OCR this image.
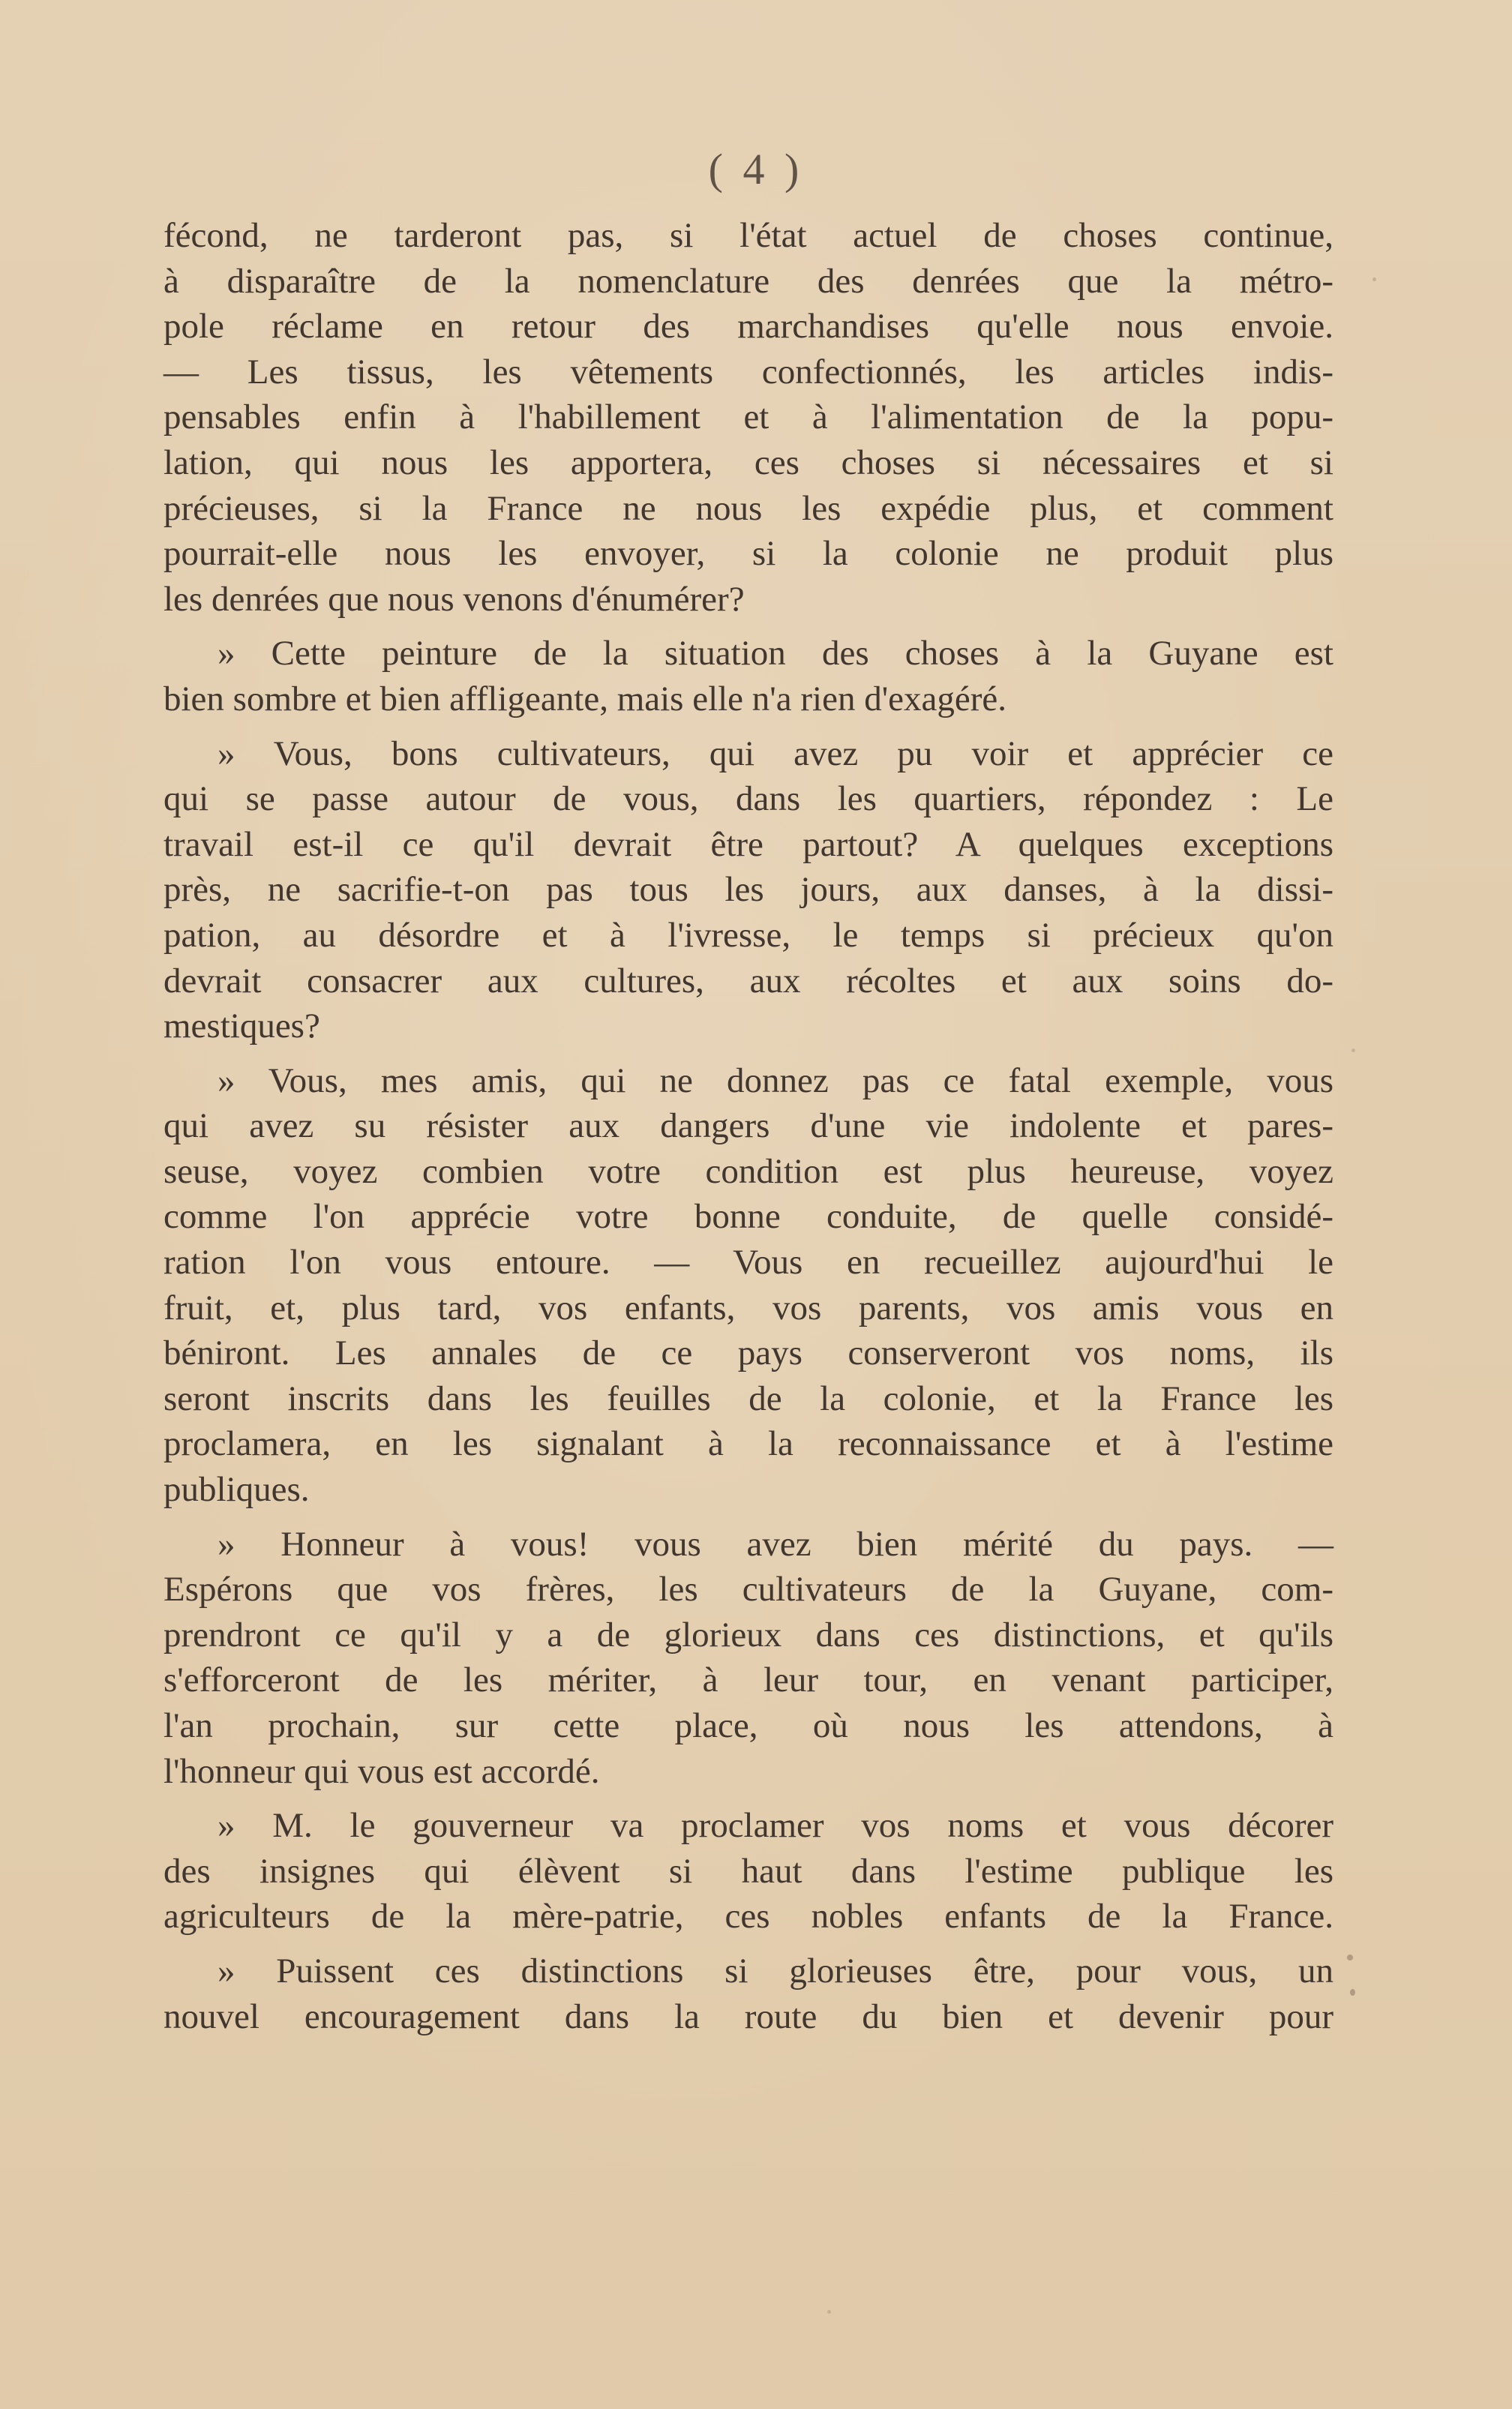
( 4 )

fécond, ne tarderont pas, si l'état actuel de choses continue,
à disparaître de la nomenclature des denrées que la métro-
pole réclame en retour des marchandises qu'elle nous envoie.
— Les tissus, les vêtements confectionnés, les articles indis-
pensables enfin à l'habillement et à l'alimentation de la popu-
lation, qui nous les apportera, ces choses si nécessaires et si
précieuses, si la France ne nous les expédie plus, et comment
pourrait-elle nous les envoyer, si la colonie ne produit plus
les denrées que nous venons d'énumérer?
» Cette peinture de la situation des choses à la Guyane est
bien sombre et bien affligeante, mais elle n'a rien d'exagéré.
» Vous, bons cultivateurs, qui avez pu voir et apprécier ce
qui se passe autour de vous, dans les quartiers, répondez : Le
travail est-il ce qu'il devrait être partout? A quelques exceptions
près, ne sacrifie-t-on pas tous les jours, aux danses, à la dissi-
pation, au désordre et à l'ivresse, le temps si précieux qu'on
devrait consacrer aux cultures, aux récoltes et aux soins do-
mestiques?
» Vous, mes amis, qui ne donnez pas ce fatal exemple, vous
qui avez su résister aux dangers d'une vie indolente et pares-
seuse, voyez combien votre condition est plus heureuse, voyez
comme l'on apprécie votre bonne conduite, de quelle considé-
ration l'on vous entoure. — Vous en recueillez aujourd'hui le
fruit, et, plus tard, vos enfants, vos parents, vos amis vous en
béniront. Les annales de ce pays conserveront vos noms, ils
seront inscrits dans les feuilles de la colonie, et la France les
proclamera, en les signalant à la reconnaissance et à l'estime
publiques.
» Honneur à vous! vous avez bien mérité du pays. —
Espérons que vos frères, les cultivateurs de la Guyane, com-
prendront ce qu'il y a de glorieux dans ces distinctions, et qu'ils
s'efforceront de les mériter, à leur tour, en venant participer,
l'an prochain, sur cette place, où nous les attendons, à
l'honneur qui vous est accordé.
» M. le gouverneur va proclamer vos noms et vous décorer
des insignes qui élèvent si haut dans l'estime publique les
agriculteurs de la mère-patrie, ces nobles enfants de la France.
» Puissent ces distinctions si glorieuses être, pour vous, un
nouvel encouragement dans la route du bien et devenir pour
